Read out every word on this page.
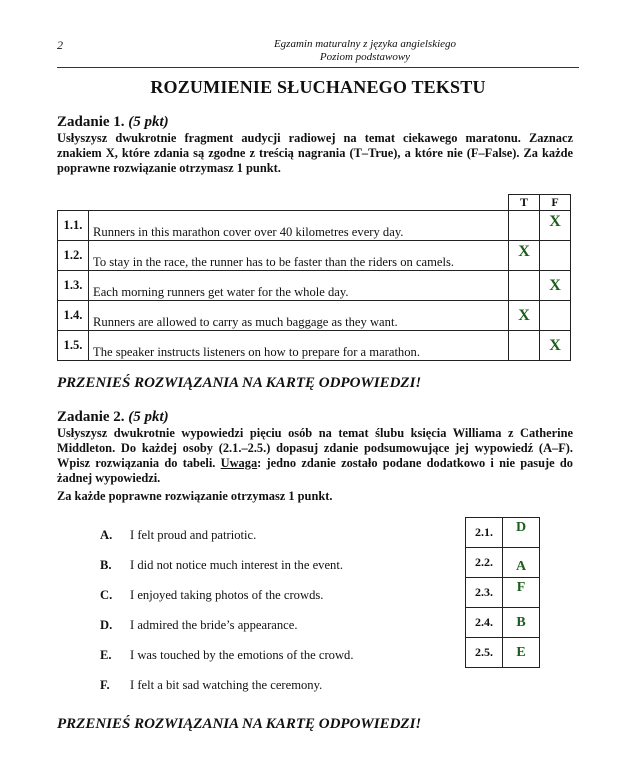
2	Egzamin maturalny z języka angielskiego
Poziom podstawowy
ROZUMIENIE SŁUCHANEGO TEKSTU
Zadanie 1. (5 pkt)
Usłyszysz dwukrotnie fragment audycji radiowej na temat ciekawego maratonu. Zaznacz znakiem X, które zdania są zgodne z treścią nagrania (T–True), a które nie (F–False). Za każde poprawne rozwiązanie otrzymasz 1 punkt.
		T	F

1.1.	Runners in this marathon cover over 40 kilometres every day.		X

1.2.	To stay in the race, the runner has to be faster than the riders on camels.	X	

1.3.	Each morning runners get water for the whole day.		X

1.4.	Runners are allowed to carry as much baggage as they want.	X	

1.5.	The speaker instructs listeners on how to prepare for a marathon.		X
PRZENIEŚ ROZWIĄZANIA NA KARTĘ ODPOWIEDZI!
Zadanie 2. (5 pkt)
Usłyszysz dwukrotnie wypowiedzi pięciu osób na temat ślubu księcia Williama z Catherine Middleton. Do każdej osoby (2.1.–2.5.) dopasuj zdanie podsumowujące jej wypowiedź (A–F). Wpisz rozwiązania do tabeli. Uwaga: jedno zdanie zostało podane dodatkowo i nie pasuje do żadnej wypowiedzi.
Za każde poprawne rozwiązanie otrzymasz 1 punkt.
A. I felt proud and patriotic.
B. I did not notice much interest in the event.
C. I enjoyed taking photos of the crowds.
D. I admired the bride’s appearance.
E. I was touched by the emotions of the crowd.
F. I felt a bit sad watching the ceremony.
2.1.	D

2.2.	A

2.3.	F

2.4.	B

2.5.	E
PRZENIEŚ ROZWIĄZANIA NA KARTĘ ODPOWIEDZI!
